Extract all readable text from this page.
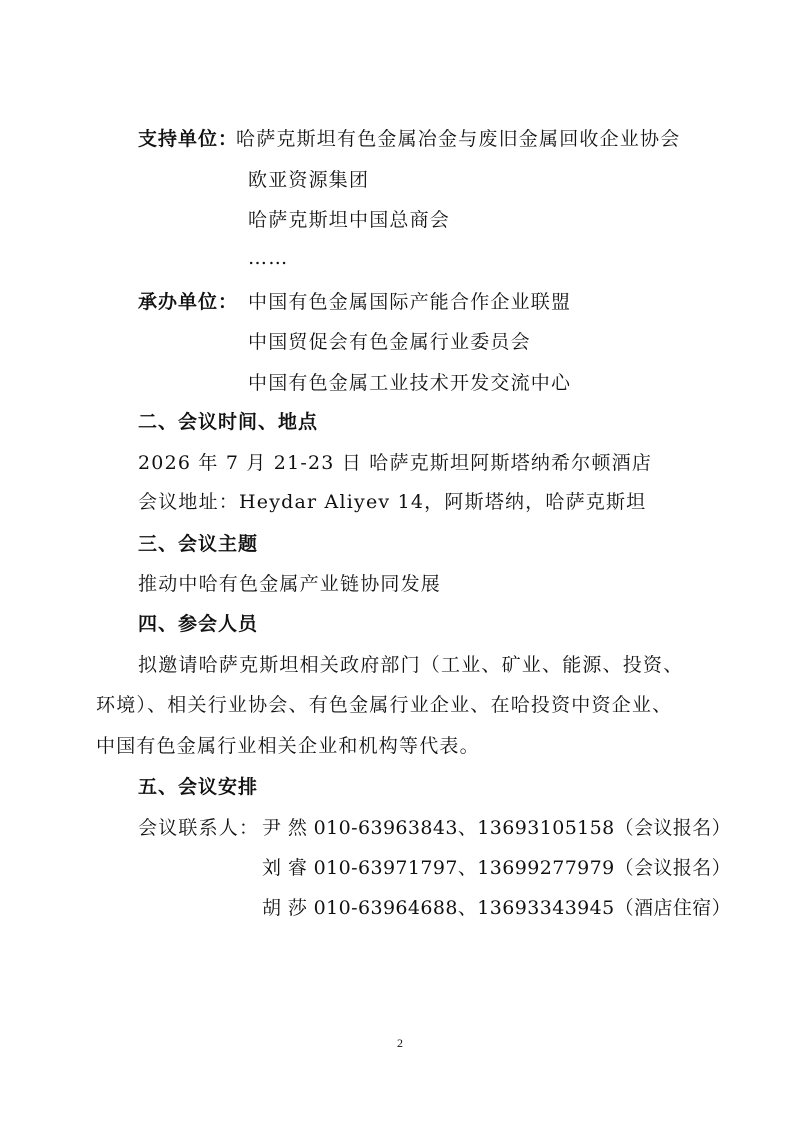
支持单位：
哈萨克斯坦有色金属冶金与废旧金属回收企业协会
欧亚资源集团
哈萨克斯坦中国总商会
……
承办单位： 中国有色金属国际产能合作企业联盟
中国贸促会有色金属行业委员会
中国有色金属工业技术开发交流中心
二、会议时间、地点
2026 年 7 月 21-23 日 哈萨克斯坦阿斯塔纳希尔顿酒店
会议地址：Heydar Aliyev 14，阿斯塔纳，哈萨克斯坦
三、会议主题
推动中哈有色金属产业链协同发展
四、参会人员
拟邀请哈萨克斯坦相关政府部门（工业、矿业、能源、投资、
环境）、相关行业协会、有色金属行业企业、在哈投资中资企业、
中国有色金属行业相关企业和机构等代表。
五、会议安排
会议联系人： 尹 然 010-63963843、13693105158（会议报名）
刘 睿 010-63971797、13699277979（会议报名）
胡 莎 010-63964688、13693343945（酒店住宿）
2
